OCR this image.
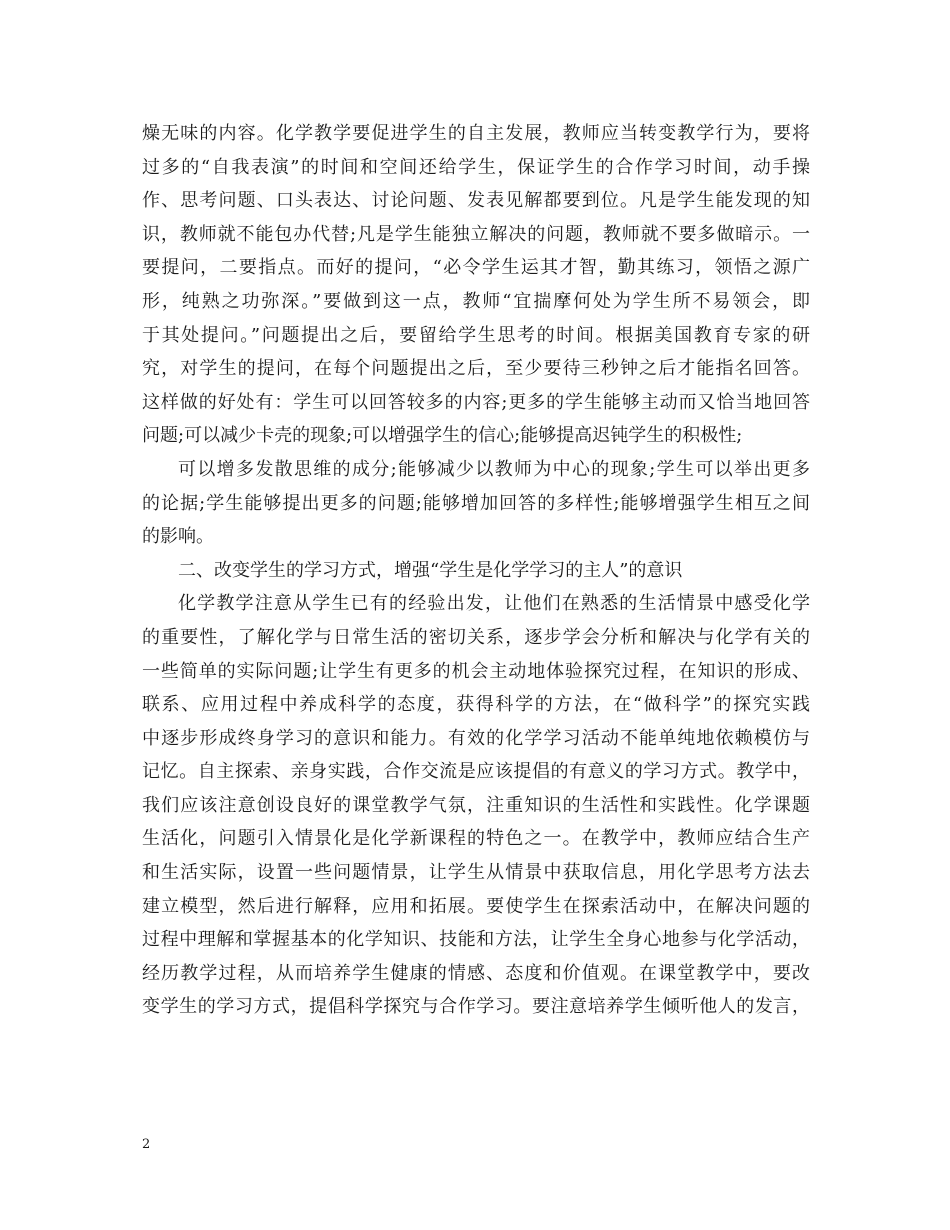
燥无味的内容。化学教学要促进学生的自主发展，教师应当转变教学行为，要将
过多的“自我表演”的时间和空间还给学生，保证学生的合作学习时间，动手操
作、思考问题、口头表达、讨论问题、发表见解都要到位。凡是学生能发现的知
识，教师就不能包办代替;凡是学生能独立解决的问题，教师就不要多做暗示。一
要提问，二要指点。而好的提问，“必令学生运其才智，勤其练习，领悟之源广
形，纯熟之功弥深。”要做到这一点，教师“宜揣摩何处为学生所不易领会，即
于其处提问。”问题提出之后，要留给学生思考的时间。根据美国教育专家的研
究，对学生的提问，在每个问题提出之后，至少要待三秒钟之后才能指名回答。
这样做的好处有：学生可以回答较多的内容;更多的学生能够主动而又恰当地回答
问题;可以减少卡壳的现象;可以增强学生的信心;能够提高迟钝学生的积极性;
可以增多发散思维的成分;能够减少以教师为中心的现象;学生可以举出更多
的论据;学生能够提出更多的问题;能够增加回答的多样性;能够增强学生相互之间
的影响。
二、改变学生的学习方式，增强“学生是化学学习的主人”的意识
化学教学注意从学生已有的经验出发，让他们在熟悉的生活情景中感受化学
的重要性，了解化学与日常生活的密切关系，逐步学会分析和解决与化学有关的
一些简单的实际问题;让学生有更多的机会主动地体验探究过程，在知识的形成、
联系、应用过程中养成科学的态度，获得科学的方法，在“做科学”的探究实践
中逐步形成终身学习的意识和能力。有效的化学学习活动不能单纯地依赖模仿与
记忆。自主探索、亲身实践，合作交流是应该提倡的有意义的学习方式。教学中，
我们应该注意创设良好的课堂教学气氛，注重知识的生活性和实践性。化学课题
生活化，问题引入情景化是化学新课程的特色之一。在教学中，教师应结合生产
和生活实际，设置一些问题情景，让学生从情景中获取信息，用化学思考方法去
建立模型，然后进行解释，应用和拓展。要使学生在探索活动中，在解决问题的
过程中理解和掌握基本的化学知识、技能和方法，让学生全身心地参与化学活动，
经历教学过程，从而培养学生健康的情感、态度和价值观。在课堂教学中，要改
变学生的学习方式，提倡科学探究与合作学习。要注意培养学生倾听他人的发言，
2
